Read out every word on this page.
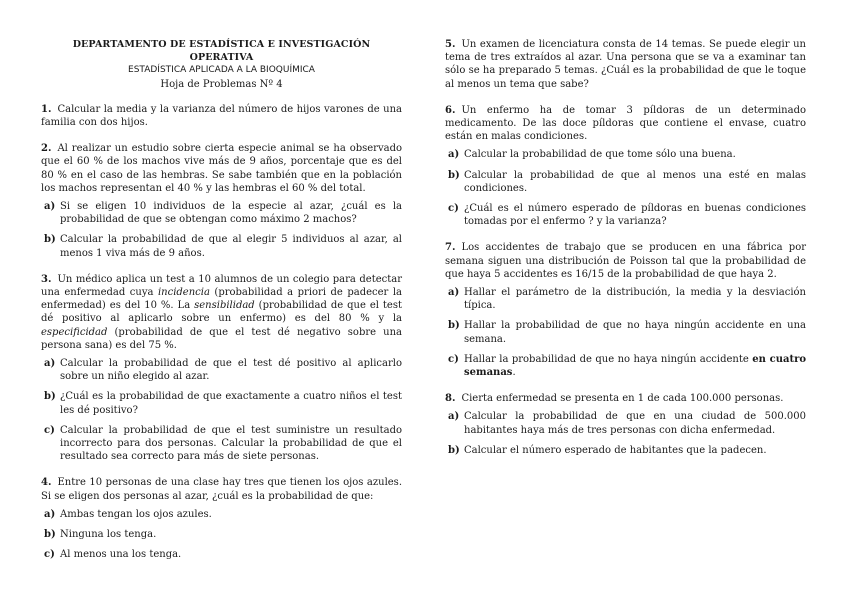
DEPARTAMENTO DE ESTADÍSTICA E INVESTIGACIÓN OPERATIVA
ESTADÍSTICA APLICADA A LA BIOQUÍMICA
Hoja de Problemas Nº 4

1. Calcular la media y la varianza del número de hijos varones de una familia con dos hijos.

2. Al realizar un estudio sobre cierta especie animal se ha observado que el 60 % de los machos vive más de 9 años, porcentaje que es del 80 % en el caso de las hembras. Se sabe también que en la población los machos representan el 40 % y las hembras el 60 % del total.

a) Si se eligen 10 individuos de la especie al azar, ¿cuál es la probabilidad de que se obtengan como máximo 2 machos?
b) Calcular la probabilidad de que al elegir 5 individuos al azar, al menos 1 viva más de 9 años.

3. Un médico aplica un test a 10 alumnos de un colegio para detectar una enfermedad cuya incidencia (probabilidad a priori de padecer la enfermedad) es del 10 %. La sensibilidad (probabilidad de que el test dé positivo al aplicarlo sobre un enfermo) es del 80 % y la especificidad (probabilidad de que el test dé negativo sobre una persona sana) es del 75 %.

a) Calcular la probabilidad de que el test dé positivo al aplicarlo sobre un niño elegido al azar.
b) ¿Cuál es la probabilidad de que exactamente a cuatro niños el test les dé positivo?
c) Calcular la probabilidad de que el test suministre un resultado incorrecto para dos personas. Calcular la probabilidad de que el resultado sea correcto para más de siete personas.

4. Entre 10 personas de una clase hay tres que tienen los ojos azules. Si se eligen dos personas al azar, ¿cuál es la probabilidad de que:

a) Ambas tengan los ojos azules.
b) Ninguna los tenga.
c) Al menos una los tenga.

5. Un examen de licenciatura consta de 14 temas. Se puede elegir un tema de tres extraídos al azar. Una persona que se va a examinar tan sólo se ha preparado 5 temas. ¿Cuál es la probabilidad de que le toque al menos un tema que sabe?

6. Un enfermo ha de tomar 3 píldoras de un determinado medicamento. De las doce píldoras que contiene el envase, cuatro están en malas condiciones.

a) Calcular la probabilidad de que tome sólo una buena.
b) Calcular la probabilidad de que al menos una esté en malas condiciones.
c) ¿Cuál es el número esperado de píldoras en buenas condiciones tomadas por el enfermo ? y la varianza?

7. Los accidentes de trabajo que se producen en una fábrica por semana siguen una distribución de Poisson tal que la probabilidad de que haya 5 accidentes es 16/15 de la probabilidad de que haya 2.

a) Hallar el parámetro de la distribución, la media y la desviación típica.
b) Hallar la probabilidad de que no haya ningún accidente en una semana.
c) Hallar la probabilidad de que no haya ningún accidente en cuatro semanas.

8. Cierta enfermedad se presenta en 1 de cada 100.000 personas.

a) Calcular la probabilidad de que en una ciudad de 500.000 habitantes haya más de tres personas con dicha enfermedad.
b) Calcular el número esperado de habitantes que la padecen.
